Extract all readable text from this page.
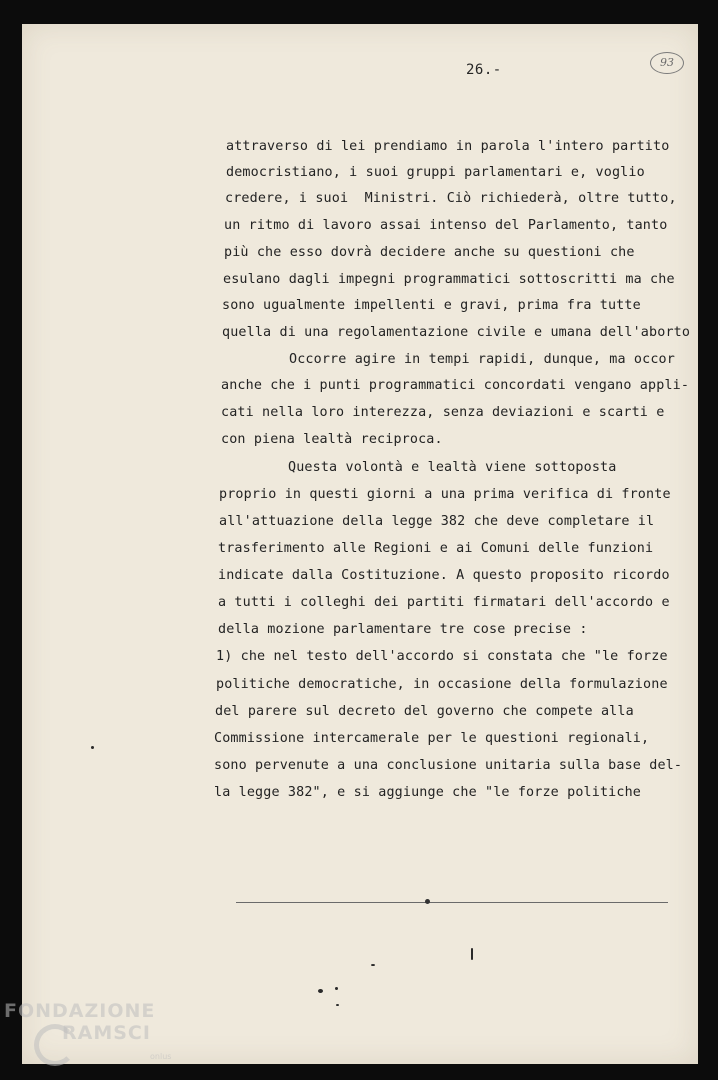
26.-	93
attraverso di lei prendiamo in parola l'intero partito
democristiano, i suoi gruppi parlamentari e, voglio
credere, i suoi  Ministri. Ciò richiederà, oltre tutto,
un ritmo di lavoro assai intenso del Parlamento, tanto
più che esso dovrà decidere anche su questioni che
esulano dagli impegni programmatici sottoscritti ma che
sono ugualmente impellenti e gravi, prima fra tutte
quella di una regolamentazione civile e umana dell'aborto
Occorre agire in tempi rapidi, dunque, ma occor
anche che i punti programmatici concordati vengano appli-
cati nella loro interezza, senza deviazioni e scarti e
con piena lealtà reciproca.
Questa volontà e lealtà viene sottoposta
proprio in questi giorni a una prima verifica di fronte
all'attuazione della legge 382 che deve completare il
trasferimento alle Regioni e ai Comuni delle funzioni
indicate dalla Costituzione. A questo proposito ricordo
a tutti i colleghi dei partiti firmatari dell'accordo e
della mozione parlamentare tre cose precise :
1) che nel testo dell'accordo si constata che "le forze
politiche democratiche, in occasione della formulazione
del parere sul decreto del governo che compete alla
Commissione intercamerale per le questioni regionali,
sono pervenute a una conclusione unitaria sulla base del-
la legge 382", e si aggiunge che "le forze politiche
FONDAZIONE
RAMSCI
onlus
